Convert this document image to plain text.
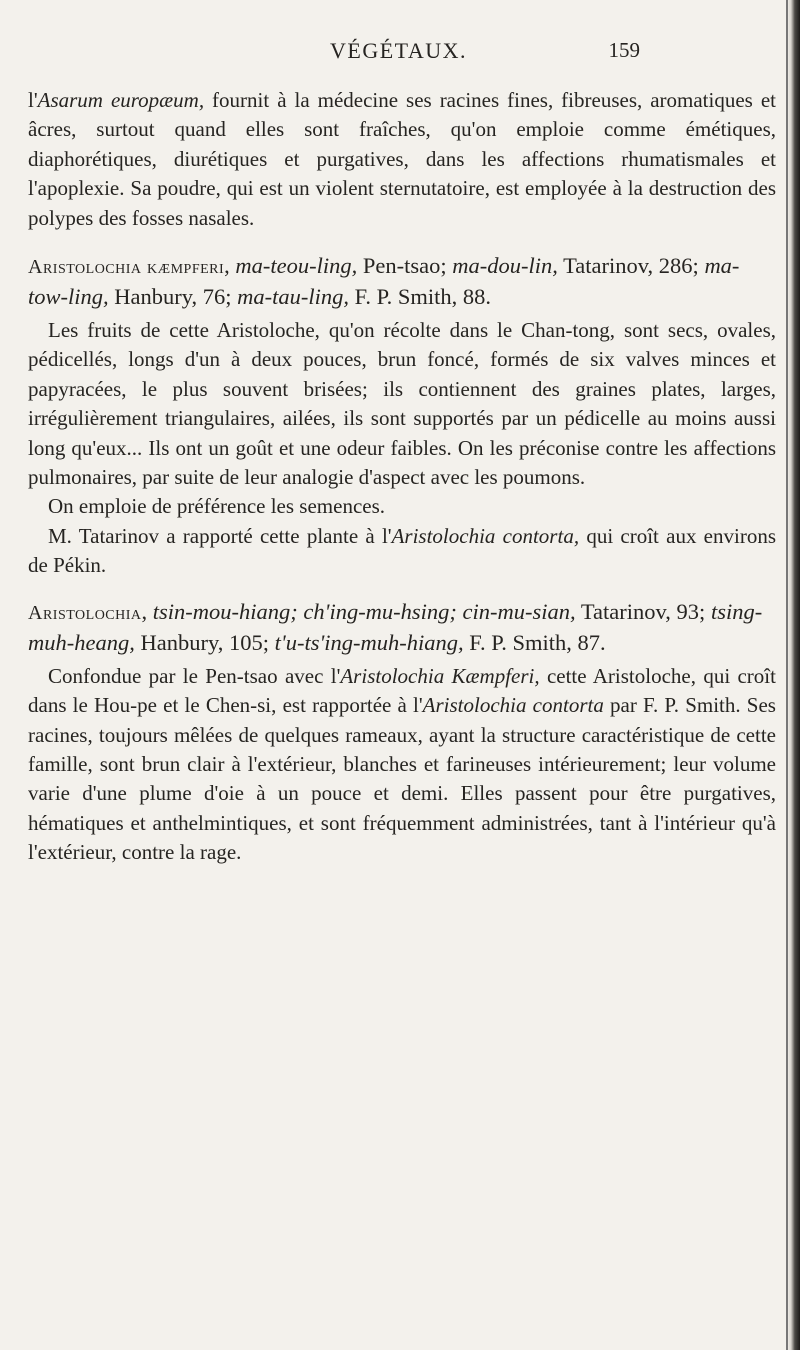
VÉGÉTAUX.	159

l'Asarum europæum, fournit à la médecine ses racines fines, fibreuses, aromatiques et âcres, surtout quand elles sont fraîches, qu'on emploie comme émétiques, diaphorétiques, diurétiques et purgatives, dans les affections rhumatismales et l'apoplexie. Sa poudre, qui est un violent sternutatoire, est employée à la destruction des polypes des fosses nasales.

Aristolochia kæmpferi, ma-teou-ling, Pen-tsao; ma-dou-lin, Tatarinov, 286; ma-tow-ling, Hanbury, 76; ma-tau-ling, F. P. Smith, 88.

Les fruits de cette Aristoloche, qu'on récolte dans le Chan-tong, sont secs, ovales, pédicellés, longs d'un à deux pouces, brun foncé, formés de six valves minces et papyracées, le plus souvent brisées; ils contiennent des graines plates, larges, irrégulièrement triangulaires, ailées, ils sont supportés par un pédicelle au moins aussi long qu'eux... Ils ont un goût et une odeur faibles. On les préconise contre les affections pulmonaires, par suite de leur analogie d'aspect avec les poumons.

On emploie de préférence les semences.

M. Tatarinov a rapporté cette plante à l'Aristolochia contorta, qui croît aux environs de Pékin.

Aristolochia, tsin-mou-hiang; ch'ing-mu-hsing; cin-mu-sian, Tatarinov, 93; tsing-muh-heang, Hanbury, 105; t'u-ts'ing-muh-hiang, F. P. Smith, 87.

Confondue par le Pen-tsao avec l'Aristolochia Kæmpferi, cette Aristoloche, qui croît dans le Hou-pe et le Chen-si, est rapportée à l'Aristolochia contorta par F. P. Smith. Ses racines, toujours mêlées de quelques rameaux, ayant la structure caractéristique de cette famille, sont brun clair à l'extérieur, blanches et farineuses intérieurement; leur volume varie d'une plume d'oie à un pouce et demi. Elles passent pour être purgatives, hématiques et anthelmintiques, et sont fréquemment administrées, tant à l'intérieur qu'à l'extérieur, contre la rage.
